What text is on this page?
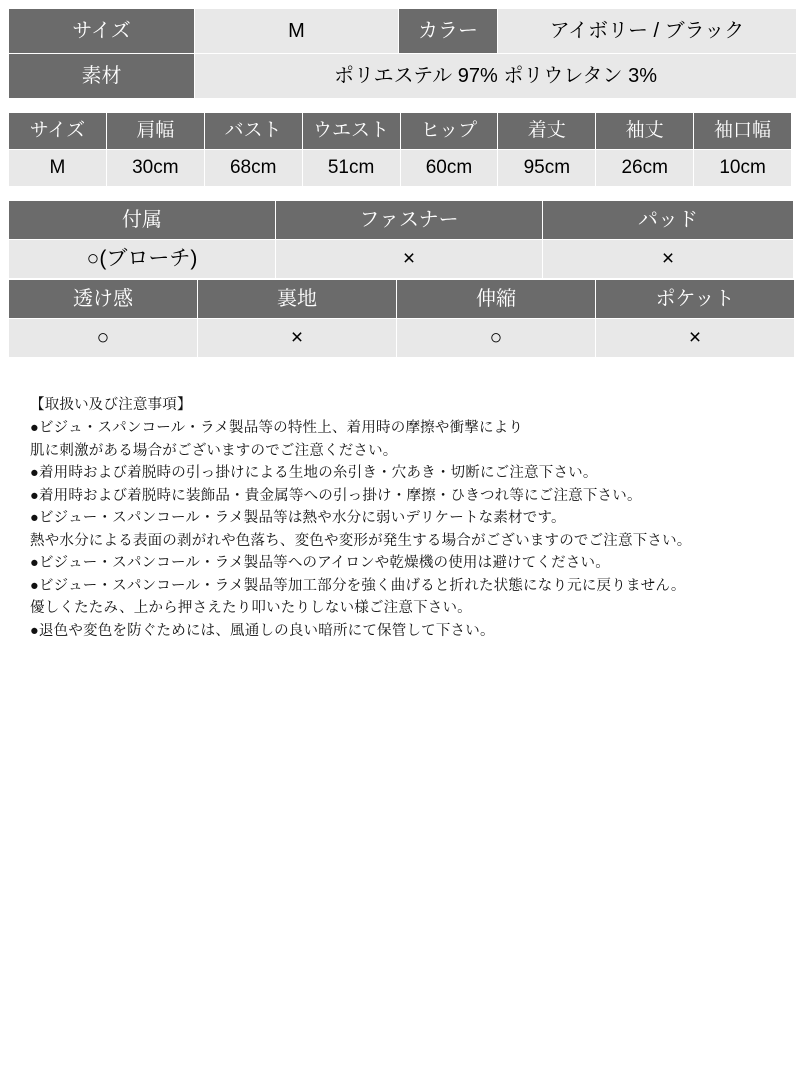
サイズ	M	カラー	アイボリー / ブラック
素材	ポリエステル 97% ポリウレタン 3%		
サイズ	肩幅	バスト	ウエスト	ヒップ	着丈	袖丈	袖口幅
M	30cm	68cm	51cm	60cm	95cm	26cm	10cm
付属	ファスナー	パッド
○(ブローチ)	×	×
透け感	裏地	伸縮	ポケット
○	×	○	×

【取扱い及び注意事項】

●ビジュ・スパンコール・ラメ製品等の特性上、着用時の摩擦や衝撃により

肌に刺激がある場合がございますのでご注意ください。

●着用時および着脱時の引っ掛けによる生地の糸引き・穴あき・切断にご注意下さい。

●着用時および着脱時に装飾品・貴金属等への引っ掛け・摩擦・ひきつれ等にご注意下さい。

●ビジュー・スパンコール・ラメ製品等は熱や水分に弱いデリケートな素材です。

熱や水分による表面の剥がれや色落ち、変色や変形が発生する場合がございますのでご注意下さい。

●ビジュー・スパンコール・ラメ製品等へのアイロンや乾燥機の使用は避けてください。

●ビジュー・スパンコール・ラメ製品等加工部分を強く曲げると折れた状態になり元に戻りません。

優しくたたみ、上から押さえたり叩いたりしない様ご注意下さい。

●退色や変色を防ぐためには、風通しの良い暗所にて保管して下さい。
